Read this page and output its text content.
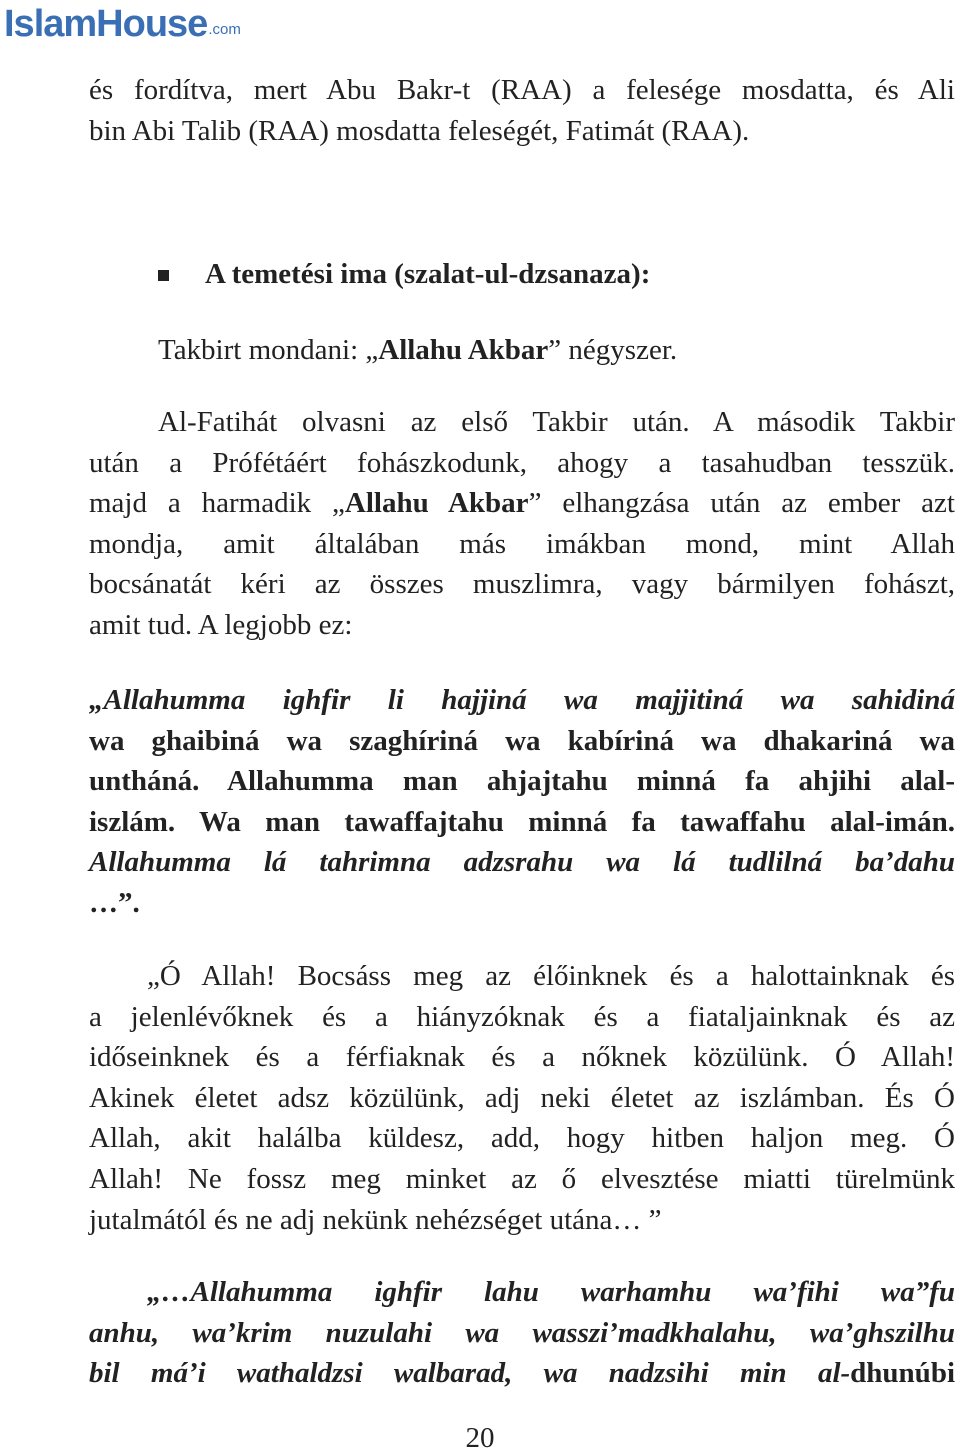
IslamHouse .com
és fordítva, mert Abu Bakr-t (RAA) a felesége mosdatta, és Ali
bin Abi Talib (RAA) mosdatta feleségét, Fatimát (RAA).
A temetési ima (szalat-ul-dzsanaza):
Takbirt mondani: „Allahu Akbar” négyszer.
Al-Fatihát olvasni az első Takbir után. A második Takbir
után a Prófétáért fohászkodunk, ahogy a tasahudban tesszük.
majd a harmadik „Allahu Akbar” elhangzása után az ember azt
mondja, amit általában más imákban mond, mint Allah
bocsánatát kéri az összes muszlimra, vagy bármilyen fohászt,
amit tud. A legjobb ez:
„Allahumma ighfir li hajjiná wa majjitiná wa sahidiná
wa ghaibiná wa szaghíriná wa kabíriná wa dhakariná wa
untháná. Allahumma man ahjajtahu minná fa ahjihi alal-
iszlám. Wa man tawaffajtahu minná fa tawaffahu alal-imán.
Allahumma lá tahrimna adzsrahu wa lá tudlilná ba’dahu
…”.
„Ó Allah! Bocsáss meg az élőinknek és a halottainknak és
a jelenlévőknek és a hiányzóknak és a fiataljainknak és az
időseinknek és a férfiaknak és a nőknek közülünk. Ó Allah!
Akinek életet adsz közülünk, adj neki életet az iszlámban. És Ó
Allah, akit halálba küldesz, add, hogy hitben haljon meg. Ó
Allah! Ne fossz meg minket az ő elvesztése miatti türelmünk
jutalmától és ne adj nekünk nehézséget utána… ”
„…Allahumma ighfir lahu warhamhu wa’fihi wa”fu
anhu, wa’krim nuzulahi wa wasszi’madkhalahu, wa’ghszilhu
bil má’i wathaldzsi walbarad, wa nadzsihi min al-dhunúbi
20
